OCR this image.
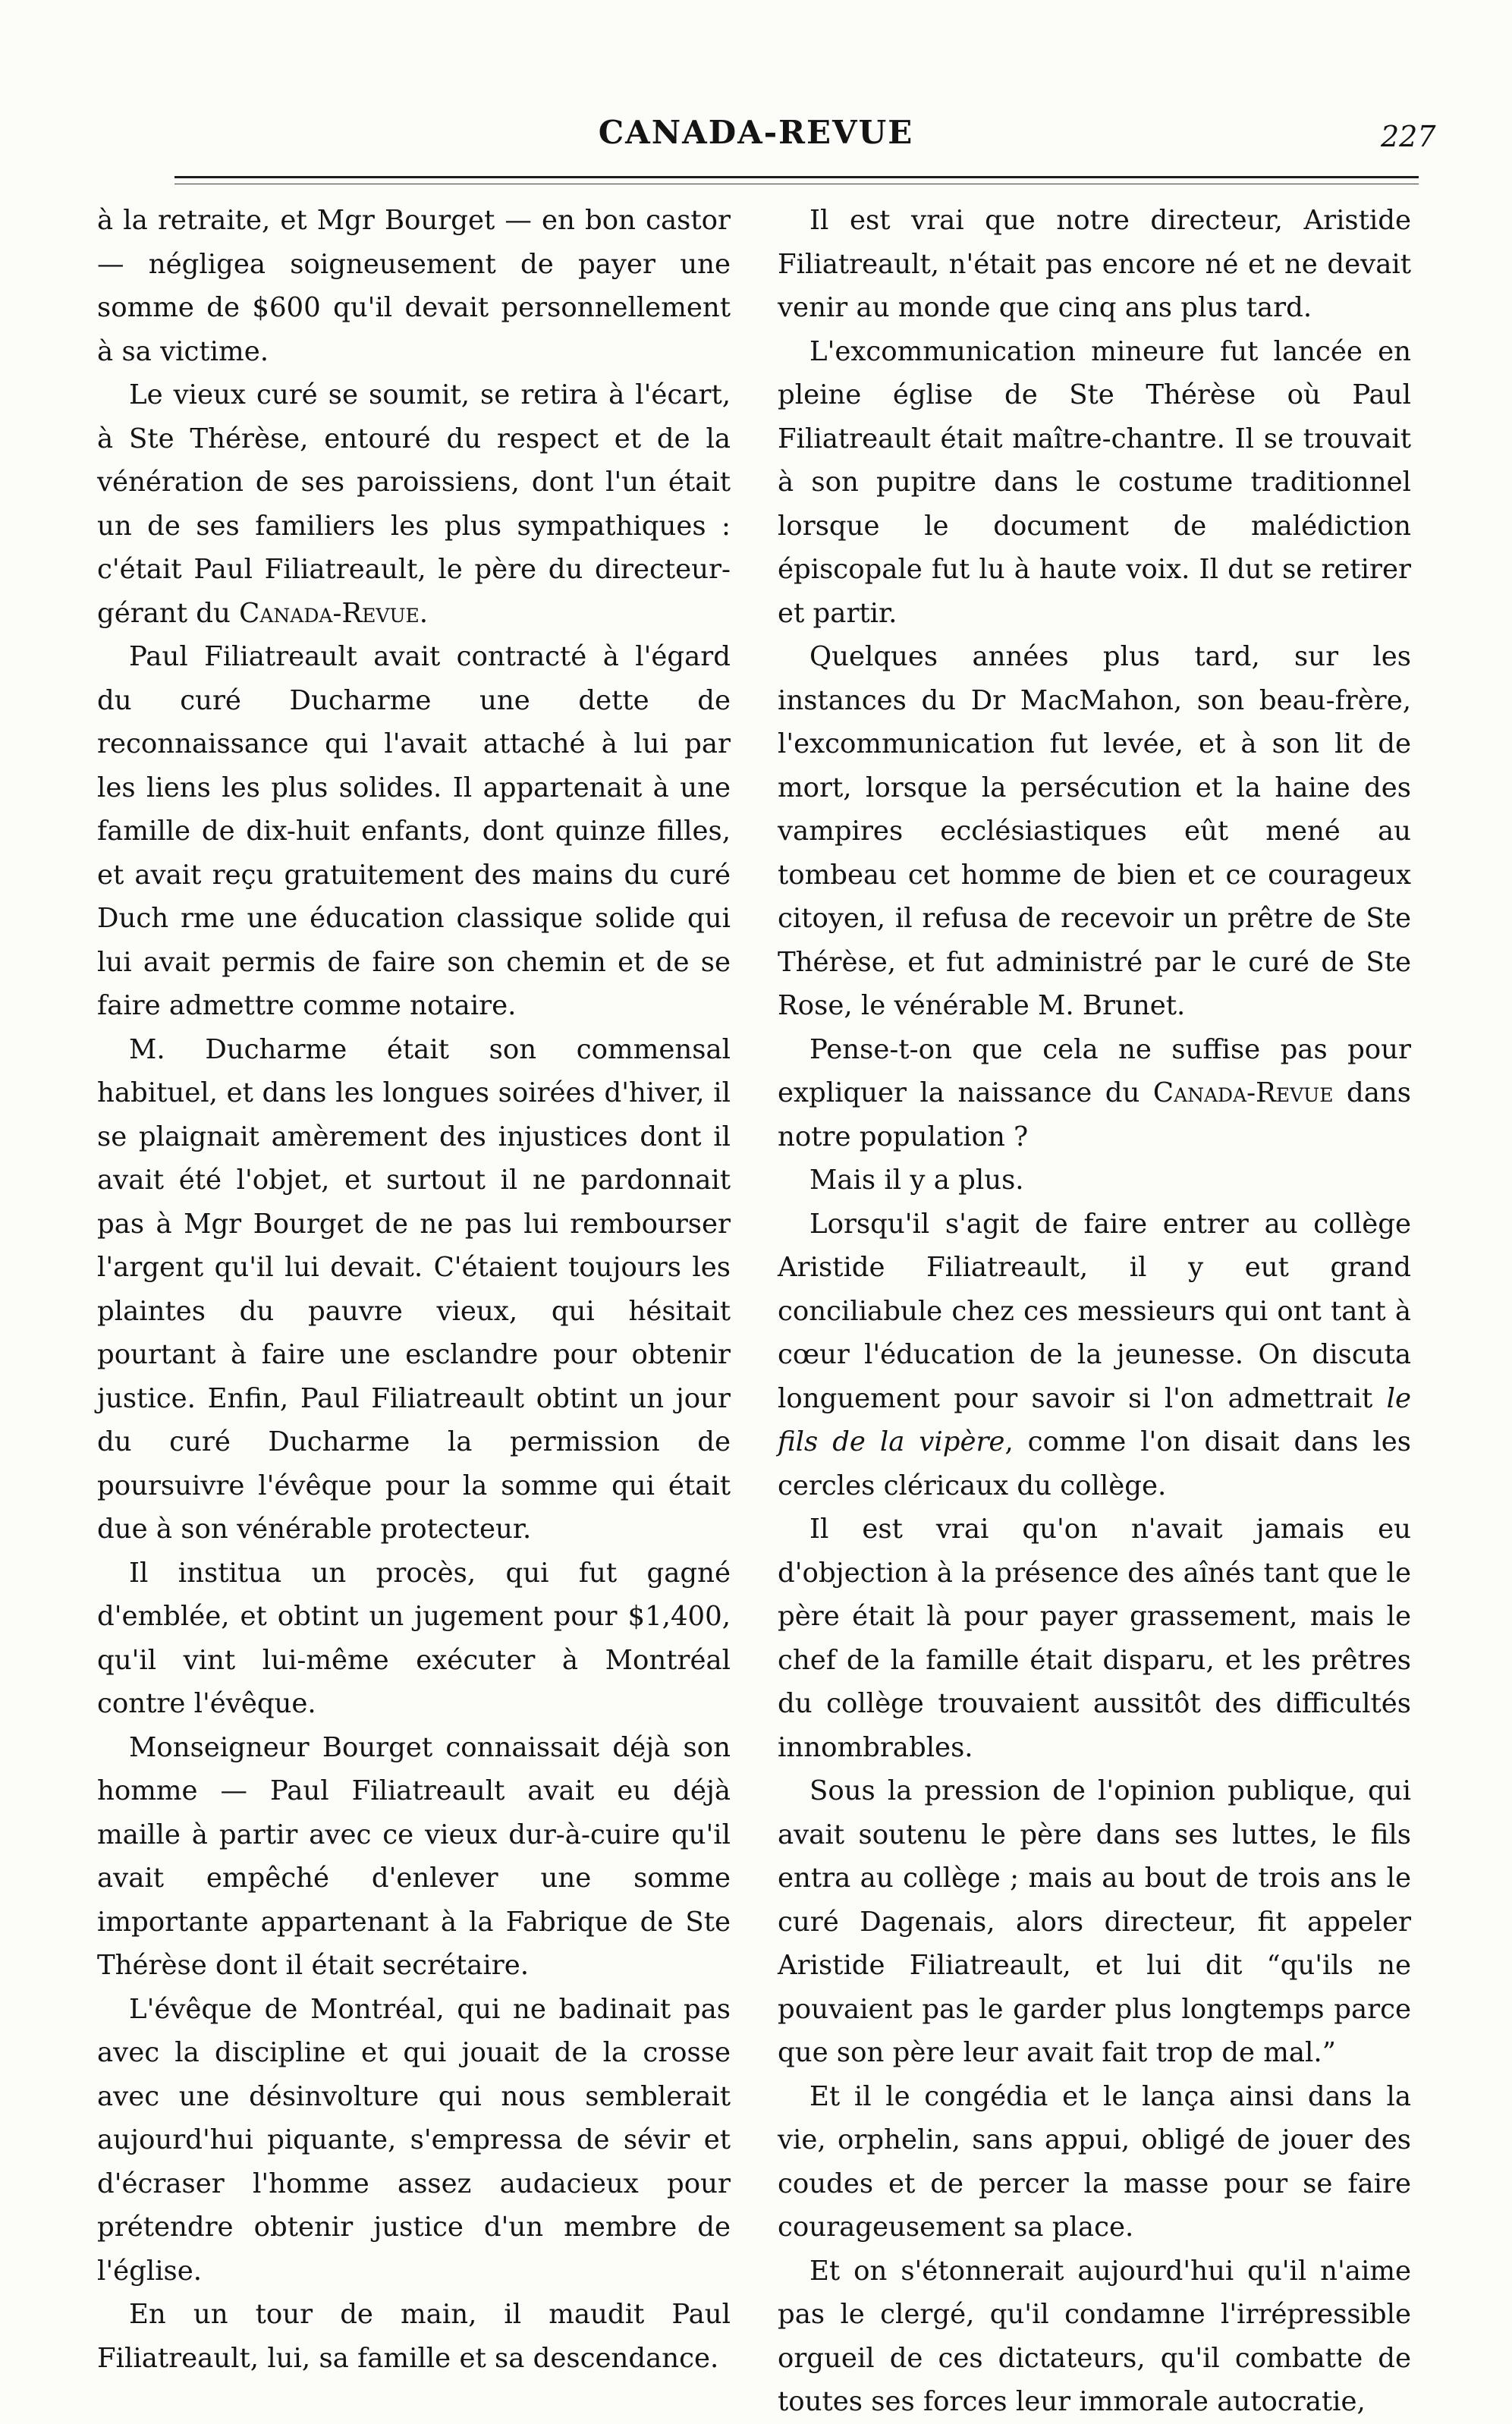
CANADA-REVUE	227

à la retraite, et Mgr Bourget — en bon castor — négligea soigneusement de payer une somme de $600 qu'il devait personnellement à sa victime.

Le vieux curé se soumit, se retira à l'écart, à Ste Thérèse, entouré du respect et de la vénération de ses paroissiens, dont l'un était un de ses familiers les plus sympathiques : c'était Paul Filiatreault, le père du directeur-gérant du Canada-Revue.

Paul Filiatreault avait contracté à l'égard du curé Ducharme une dette de reconnaissance qui l'avait attaché à lui par les liens les plus solides. Il appartenait à une famille de dix-huit enfants, dont quinze filles, et avait reçu gratuitement des mains du curé Duch rme une éducation classique solide qui lui avait permis de faire son chemin et de se faire admettre comme notaire.

M. Ducharme était son commensal habituel, et dans les longues soirées d'hiver, il se plaignait amèrement des injustices dont il avait été l'objet, et surtout il ne pardonnait pas à Mgr Bourget de ne pas lui rembourser l'argent qu'il lui devait. C'étaient toujours les plaintes du pauvre vieux, qui hésitait pourtant à faire une esclandre pour obtenir justice. Enfin, Paul Filiatreault obtint un jour du curé Ducharme la permission de poursuivre l'évêque pour la somme qui était due à son vénérable protecteur.

Il institua un procès, qui fut gagné d'emblée, et obtint un jugement pour $1,400, qu'il vint lui-même exécuter à Montréal contre l'évêque.

Monseigneur Bourget connaissait déjà son homme — Paul Filiatreault avait eu déjà maille à partir avec ce vieux dur-à-cuire qu'il avait empêché d'enlever une somme importante appartenant à la Fabrique de Ste Thérèse dont il était secrétaire.

L'évêque de Montréal, qui ne badinait pas avec la discipline et qui jouait de la crosse avec une désinvolture qui nous semblerait aujourd'hui piquante, s'empressa de sévir et d'écraser l'homme assez audacieux pour prétendre obtenir justice d'un membre de l'église.

En un tour de main, il maudit Paul Filiatreault, lui, sa famille et sa descendance.

Il est vrai que notre directeur, Aristide Filiatreault, n'était pas encore né et ne devait venir au monde que cinq ans plus tard.

L'excommunication mineure fut lancée en pleine église de Ste Thérèse où Paul Filiatreault était maître-chantre. Il se trouvait à son pupitre dans le costume traditionnel lorsque le document de malédiction épiscopale fut lu à haute voix. Il dut se retirer et partir.

Quelques années plus tard, sur les instances du Dr MacMahon, son beau-frère, l'excommunication fut levée, et à son lit de mort, lorsque la persécution et la haine des vampires ecclésiastiques eût mené au tombeau cet homme de bien et ce courageux citoyen, il refusa de recevoir un prêtre de Ste Thérèse, et fut administré par le curé de Ste Rose, le vénérable M. Brunet.

Pense-t-on que cela ne suffise pas pour expliquer la naissance du Canada-Revue dans notre population ?

Mais il y a plus.

Lorsqu'il s'agit de faire entrer au collège Aristide Filiatreault, il y eut grand conciliabule chez ces messieurs qui ont tant à cœur l'éducation de la jeunesse. On discuta longuement pour savoir si l'on admettrait le fils de la vipère, comme l'on disait dans les cercles cléricaux du collège.

Il est vrai qu'on n'avait jamais eu d'objection à la présence des aînés tant que le père était là pour payer grassement, mais le chef de la famille était disparu, et les prêtres du collège trouvaient aussitôt des difficultés innombrables.

Sous la pression de l'opinion publique, qui avait soutenu le père dans ses luttes, le fils entra au collège ; mais au bout de trois ans le curé Dagenais, alors directeur, fit appeler Aristide Filiatreault, et lui dit “qu'ils ne pouvaient pas le garder plus longtemps parce que son père leur avait fait trop de mal.”

Et il le congédia et le lança ainsi dans la vie, orphelin, sans appui, obligé de jouer des coudes et de percer la masse pour se faire courageusement sa place.

Et on s'étonnerait aujourd'hui qu'il n'aime pas le clergé, qu'il condamne l'irrépressible orgueil de ces dictateurs, qu'il combatte de toutes ses forces leur immorale autocratie,
